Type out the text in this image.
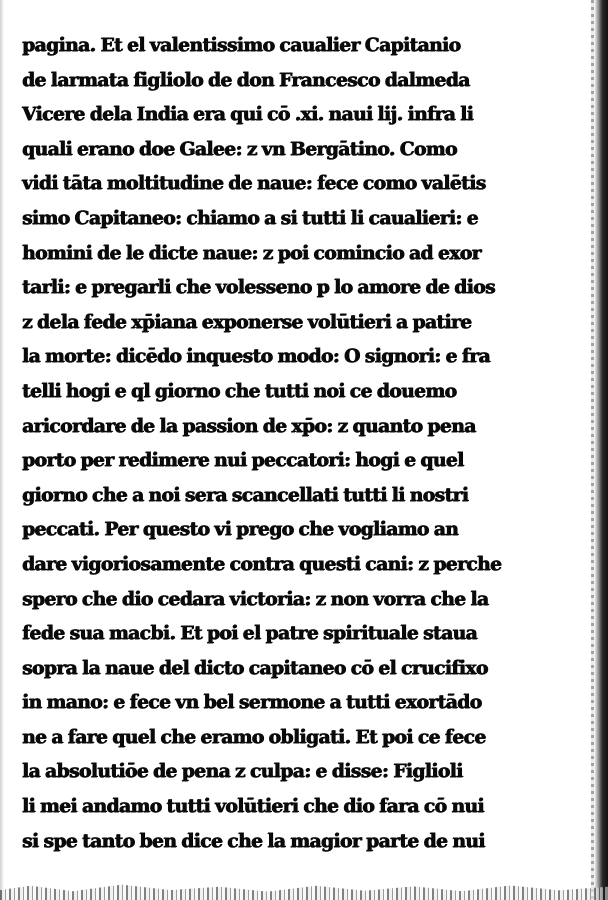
pagina. Et el valentissimo caualier Capitanio
de larmata figliolo de don Francesco dalmeda
Vicere dela India era qui cō .xi. naui lij. infra li
quali erano doe Galee: z vn Bergātino. Como
vidi tāta moltitudine de naue: fece como valētis
simo Capitaneo: chiamo a si tutti li caualieri: e
homini de le dicte naue: z poi comincio ad exor
tarli: e pregarli che volesseno p lo amore de dios
z dela fede xp̄iana exponerse volūtieri a patire
la morte: dicēdo inquesto modo: O signori: e fra
telli hogi e ql giorno che tutti noi ce douemo
aricordare de la passion de xp̄o: z quanto pena
porto per redimere nui peccatori: hogi e quel
giorno che a noi sera scancellati tutti li nostri
peccati. Per questo vi prego che vogliamo an
dare vigoriosamente contra questi cani: z perche
spero che dio cedara victoria: z non vorra che la
fede sua macbi. Et poi el patre spirituale staua
sopra la naue del dicto capitaneo cō el crucifixo
in mano: e fece vn bel sermone a tutti exortādo
ne a fare quel che eramo obligati. Et poi ce fece
la absolutiōe de pena z culpa: e disse: Figlioli
li mei andamo tutti volūtieri che dio fara cō nui
si spe tanto ben dice che la magior parte de nui
